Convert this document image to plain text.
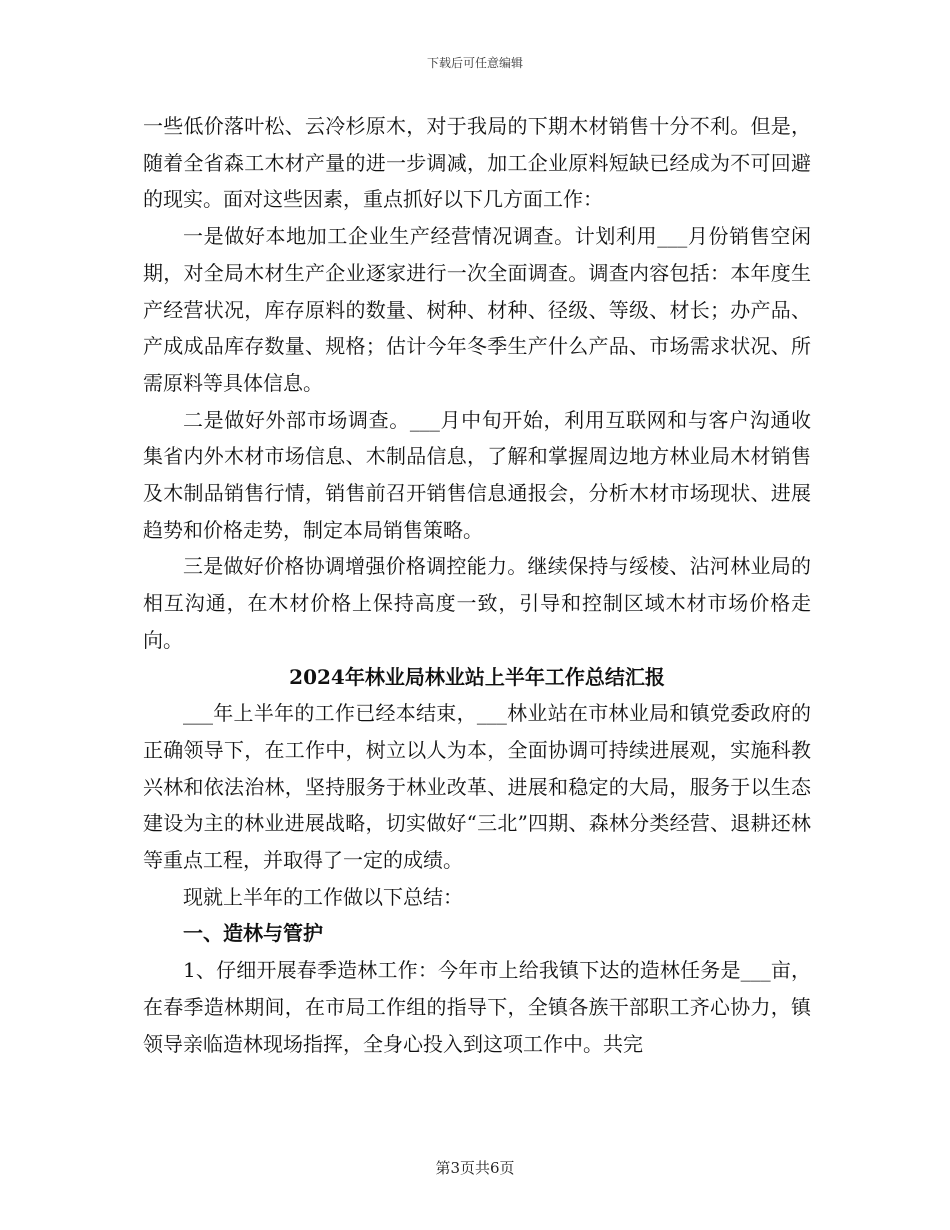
下载后可任意编辑

一些低价落叶松、云冷杉原木，对于我局的下期木材销售十分不利。但是，随着全省森工木材产量的进一步调减，加工企业原料短缺已经成为不可回避的现实。面对这些因素，重点抓好以下几方面工作：

一是做好本地加工企业生产经营情况调查。计划利用___月份销售空闲期，对全局木材生产企业逐家进行一次全面调查。调查内容包括：本年度生产经营状况，库存原料的数量、树种、材种、径级、等级、材长；办产品、产成成品库存数量、规格；估计今年冬季生产什么产品、市场需求状况、所需原料等具体信息。

二是做好外部市场调查。___月中旬开始，利用互联网和与客户沟通收集省内外木材市场信息、木制品信息，了解和掌握周边地方林业局木材销售及木制品销售行情，销售前召开销售信息通报会，分析木材市场现状、进展趋势和价格走势，制定本局销售策略。

三是做好价格协调增强价格调控能力。继续保持与绥棱、沾河林业局的相互沟通，在木材价格上保持高度一致，引导和控制区域木材市场价格走向。

2024年林业局林业站上半年工作总结汇报

___年上半年的工作已经本结束，___林业站在市林业局和镇党委政府的正确领导下，在工作中，树立以人为本，全面协调可持续进展观，实施科教兴林和依法治林，坚持服务于林业改革、进展和稳定的大局，服务于以生态建设为主的林业进展战略，切实做好“三北”四期、森林分类经营、退耕还林等重点工程，并取得了一定的成绩。

现就上半年的工作做以下总结：

一、造林与管护

1、仔细开展春季造林工作：今年市上给我镇下达的造林任务是___亩，在春季造林期间，在市局工作组的指导下，全镇各族干部职工齐心协力，镇领导亲临造林现场指挥，全身心投入到这项工作中。共完

第3页共6页
